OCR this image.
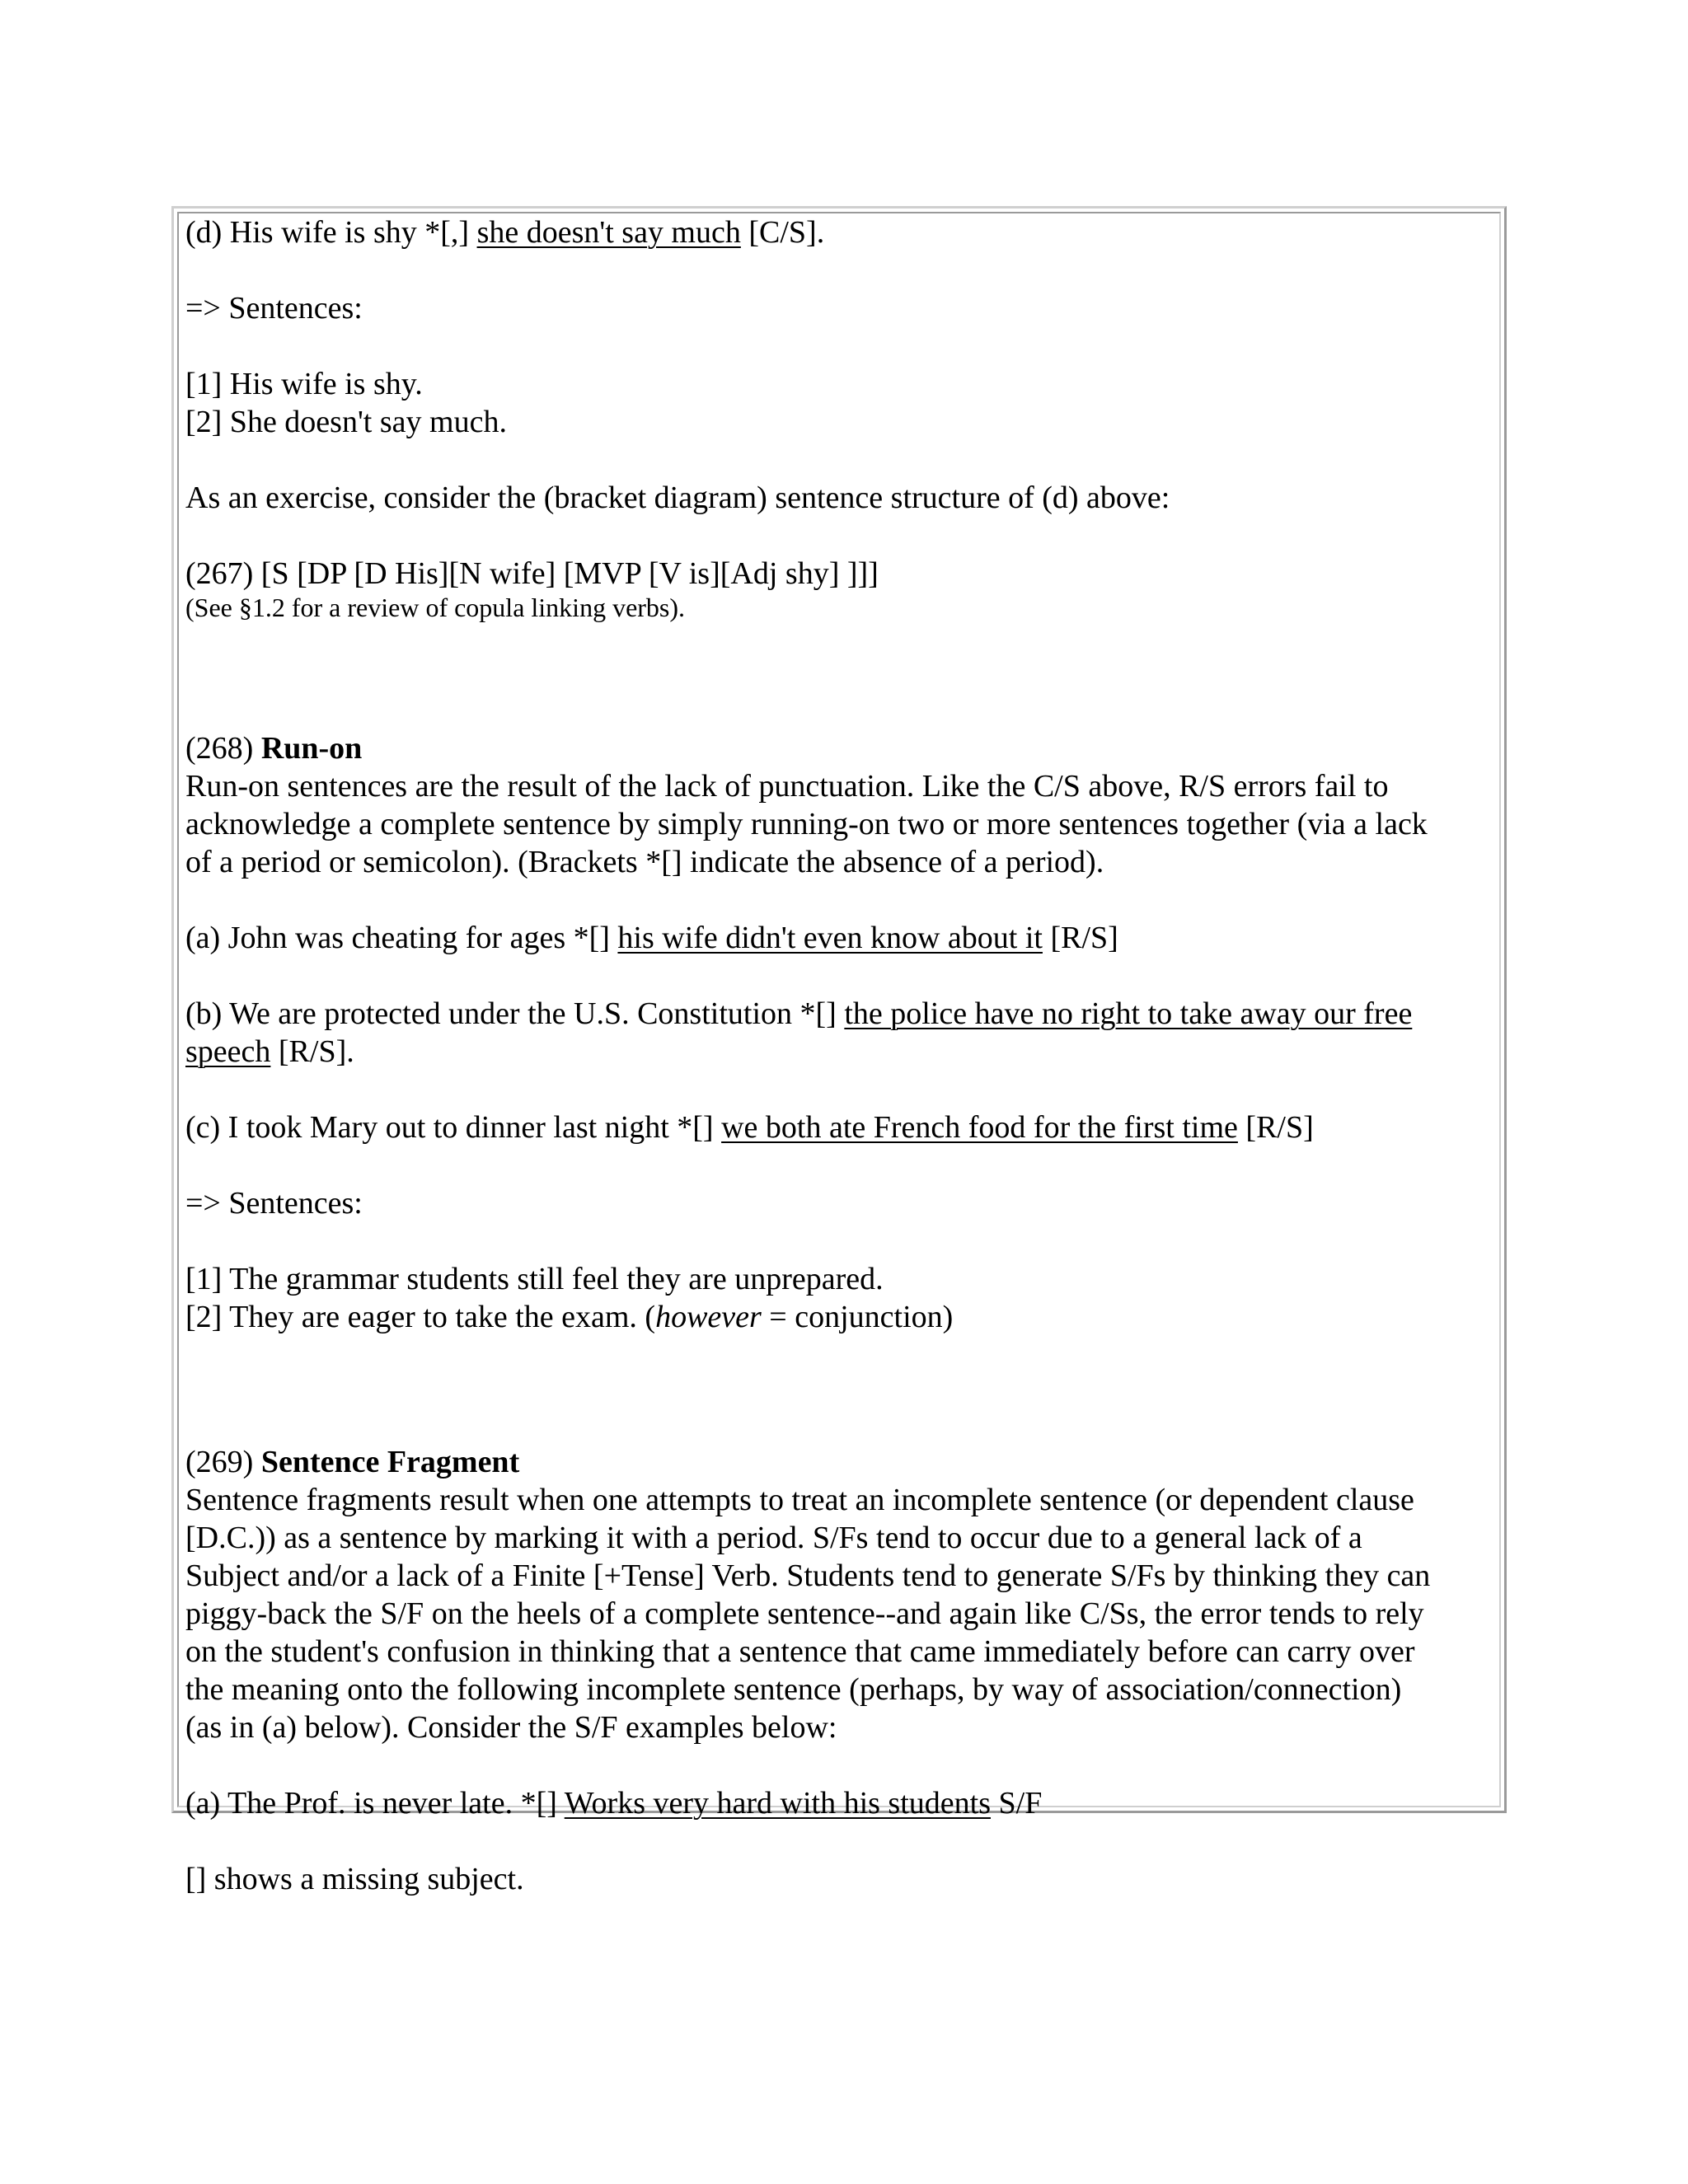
(d) His wife is shy *[,] she doesn't say much [C/S].

=> Sentences:

[1] His wife is shy.

[2] She doesn't say much.

As an exercise, consider the (bracket diagram) sentence structure of (d) above:

(267) [S [DP [D His][N wife] [MVP [V is][Adj shy] ]]]

(See §1.2 for a review of copula linking verbs).

(268) Run-on

Run-on sentences are the result of the lack of punctuation. Like the C/S above, R/S errors fail to

acknowledge a complete sentence by simply running-on two or more sentences together (via a lack

of a period or semicolon). (Brackets *[] indicate the absence of a period).

(a) John was cheating for ages *[] his wife didn't even know about it [R/S]

(b) We are protected under the U.S. Constitution *[] the police have no right to take away our free

speech [R/S].

(c) I took Mary out to dinner last night *[] we both ate French food for the first time [R/S]

=> Sentences:

[1] The grammar students still feel they are unprepared.

[2] They are eager to take the exam. (however = conjunction)

(269) Sentence Fragment

Sentence fragments result when one attempts to treat an incomplete sentence (or dependent clause

[D.C.)) as a sentence by marking it with a period. S/Fs tend to occur due to a general lack of a

Subject and/or a lack of a Finite [+Tense] Verb. Students tend to generate S/Fs by thinking they can

piggy-back the S/F on the heels of a complete sentence--and again like C/Ss, the error tends to rely

on the student's confusion in thinking that a sentence that came immediately before can carry over

the meaning onto the following incomplete sentence (perhaps, by way of association/connection)

(as in (a) below). Consider the S/F examples below:

(a) The Prof. is never late. *[] Works very hard with his students S/F

[] shows a missing subject.
